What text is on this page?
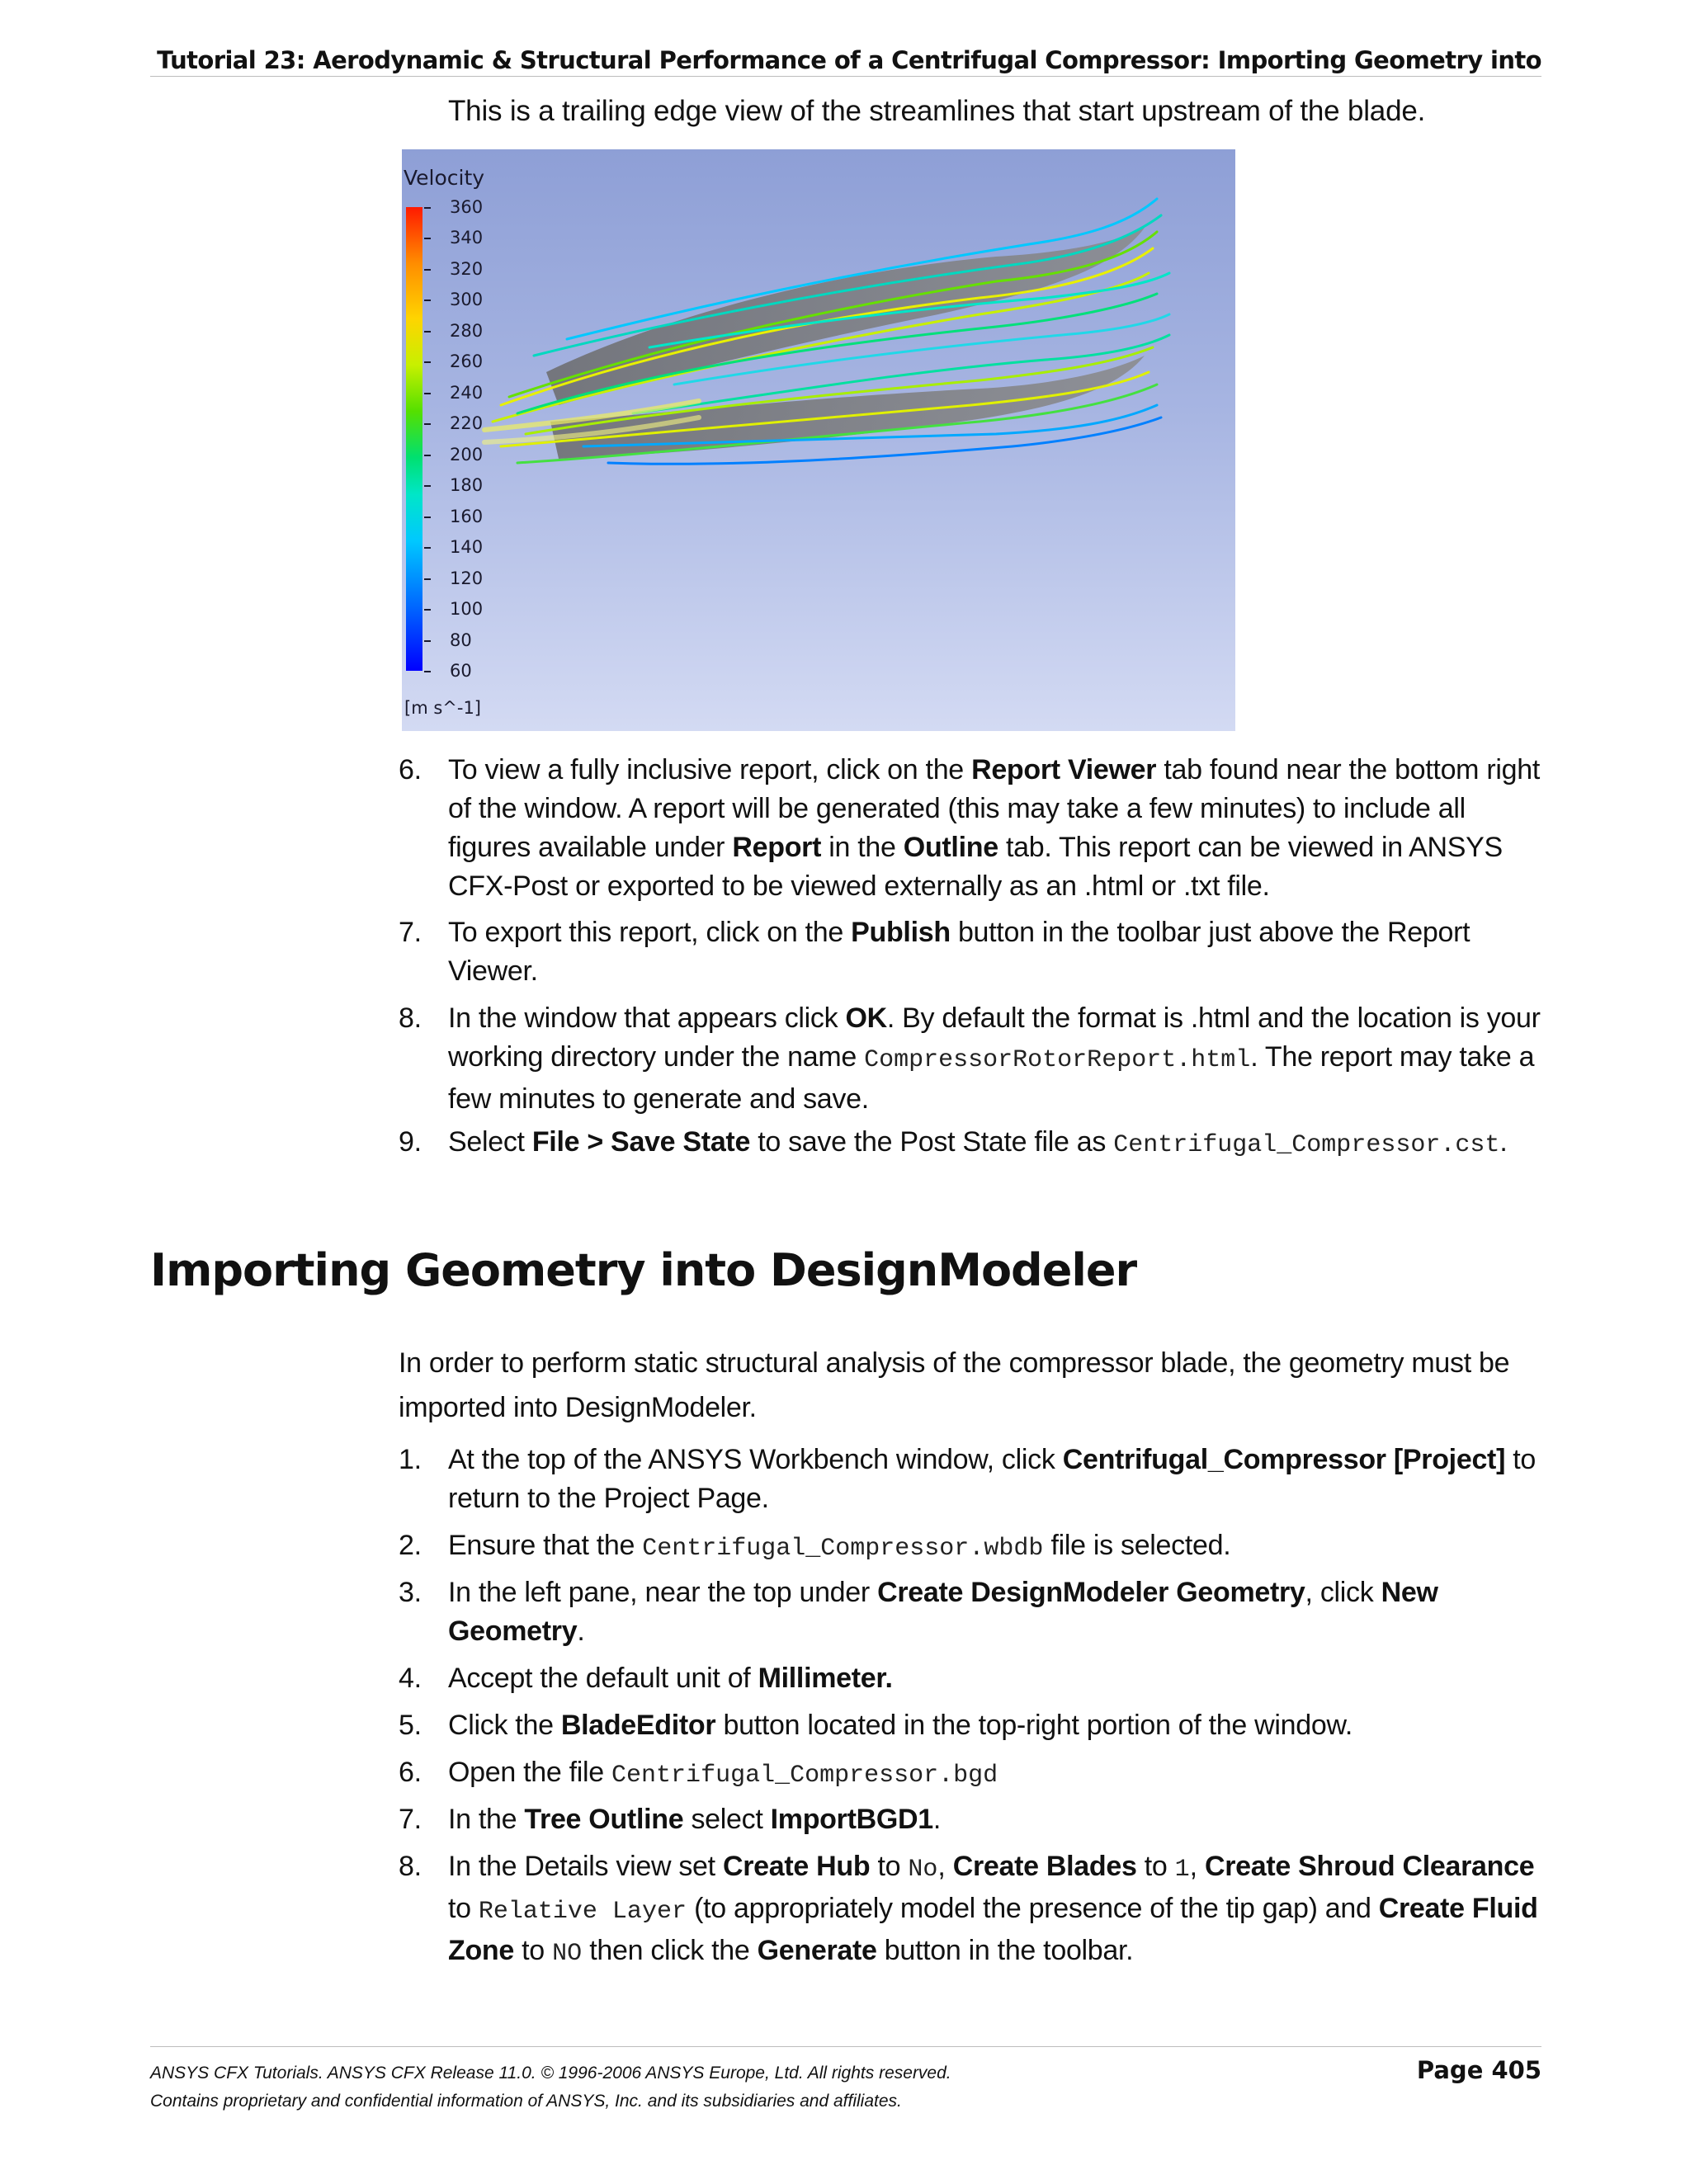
Tutorial 23: Aerodynamic & Structural Performance of a Centrifugal Compressor: Importing Geometry into
This is a trailing edge view of the streamlines that start upstream of the blade.
Velocity
360
340
320
300
280
260
240
220
200
180
160
140
120
100
80
60
[m s^-1]
6. To view a fully inclusive report, click on the Report Viewer tab found near the bottom right of the window. A report will be generated (this may take a few minutes) to include all figures available under Report in the Outline tab. This report can be viewed in ANSYS CFX-Post or exported to be viewed externally as an .html or .txt file.
7. To export this report, click on the Publish button in the toolbar just above the Report Viewer.
8. In the window that appears click OK. By default the format is .html and the location is your working directory under the name CompressorRotorReport.html. The report may take a few minutes to generate and save.
9. Select File > Save State to save the Post State file as Centrifugal_Compressor.cst.
Importing Geometry into DesignModeler
In order to perform static structural analysis of the compressor blade, the geometry must be imported into DesignModeler.
1. At the top of the ANSYS Workbench window, click Centrifugal_Compressor [Project] to return to the Project Page.
2. Ensure that the Centrifugal_Compressor.wbdb file is selected.
3. In the left pane, near the top under Create DesignModeler Geometry, click New Geometry.
4. Accept the default unit of Millimeter.
5. Click the BladeEditor button located in the top-right portion of the window.
6. Open the file Centrifugal_Compressor.bgd
7. In the Tree Outline select ImportBGD1.
8. In the Details view set Create Hub to No, Create Blades to 1, Create Shroud Clearance to Relative Layer (to appropriately model the presence of the tip gap) and Create Fluid Zone to NO then click the Generate button in the toolbar.
ANSYS CFX Tutorials. ANSYS CFX Release 11.0. © 1996-2006 ANSYS Europe, Ltd. All rights reserved.
Contains proprietary and confidential information of ANSYS, Inc. and its subsidiaries and affiliates.
Page 405
